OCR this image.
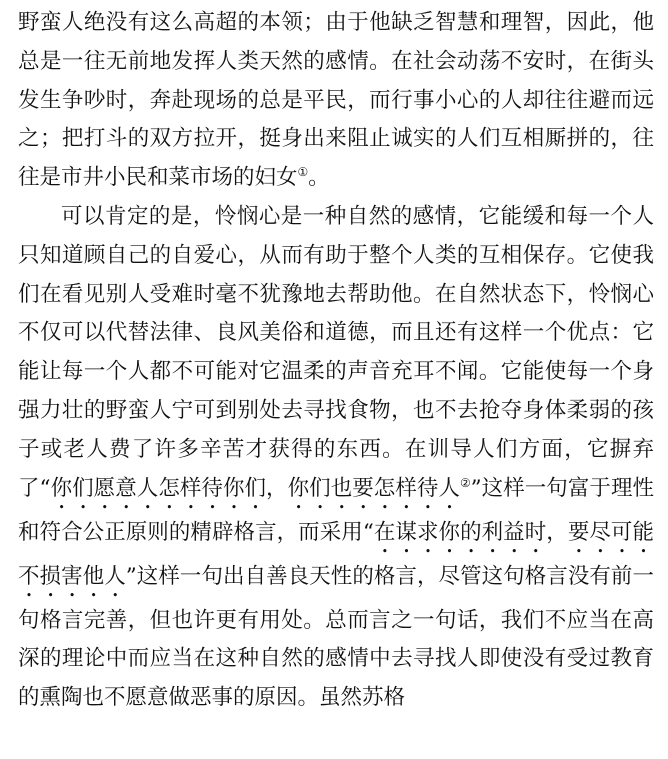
野蛮人绝没有这么高超的本领；由于他缺乏智慧和理智，因此，他总是一往无前地发挥人类天然的感情。在社会动荡不安时，在街头发生争吵时，奔赴现场的总是平民，而行事小心的人却往往避而远之；把打斗的双方拉开，挺身出来阻止诚实的人们互相厮拼的，往往是市井小民和菜市场的妇女①。

可以肯定的是，怜悯心是一种自然的感情，它能缓和每一个人只知道顾自己的自爱心，从而有助于整个人类的互相保存。它使我们在看见别人受难时毫不犹豫地去帮助他。在自然状态下，怜悯心不仅可以代替法律、良风美俗和道德，而且还有这样一个优点：它能让每一个人都不可能对它温柔的声音充耳不闻。它能使每一个身强力壮的野蛮人宁可到别处去寻找食物，也不去抢夺身体柔弱的孩子或老人费了许多辛苦才获得的东西。在训导人们方面，它摒弃了“你们愿意人怎样待你们，你们也要怎样待人②”这样一句富于理性和符合公正原则的精辟格言，而采用“在谋求你的利益时，要尽可能不损害他人”这样一句出自善良天性的格言，尽管这句格言没有前一句格言完善，但也许更有用处。总而言之一句话，我们不应当在高深的理论中而应当在这种自然的感情中去寻找人即使没有受过教育的熏陶也不愿意做恶事的原因。虽然苏格
